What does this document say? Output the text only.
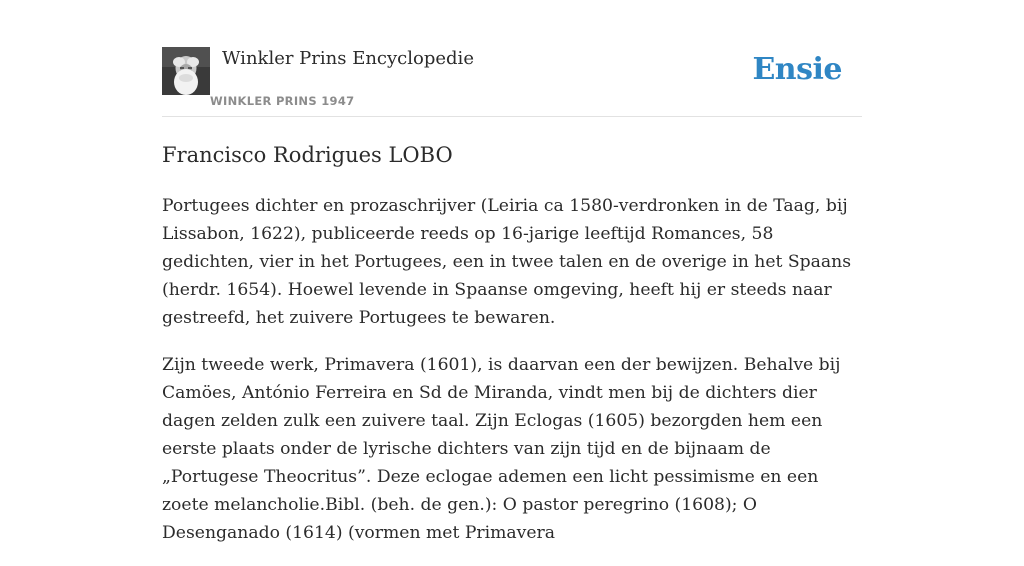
Winkler Prins Encyclopedie
WINKLER PRINS 1947
Ensie
Francisco Rodrigues LOBO

Portugees dichter en prozaschrijver (Leiria ca 1580-verdronken in de Taag, bij Lissabon, 1622), publiceerde reeds op 16-jarige leeftijd Romances, 58 gedichten, vier in het Portugees, een in twee talen en de overige in het Spaans (herdr. 1654). Hoewel levende in Spaanse omgeving, heeft hij er steeds naar gestreefd, het zuivere Portugees te bewaren.

Zijn tweede werk, Primavera (1601), is daarvan een der bewijzen. Behalve bij Camöes, António Ferreira en Sd de Miranda, vindt men bij de dichters dier dagen zelden zulk een zuivere taal. Zijn Eclogas (1605) bezorgden hem een eerste plaats onder de lyrische dichters van zijn tijd en de bijnaam de „Portugese Theocritus”. Deze eclogae ademen een licht pessimisme en een zoete melancholie.Bibl. (beh. de gen.): O pastor peregrino (1608); O Desenganado (1614) (vormen met Primavera
